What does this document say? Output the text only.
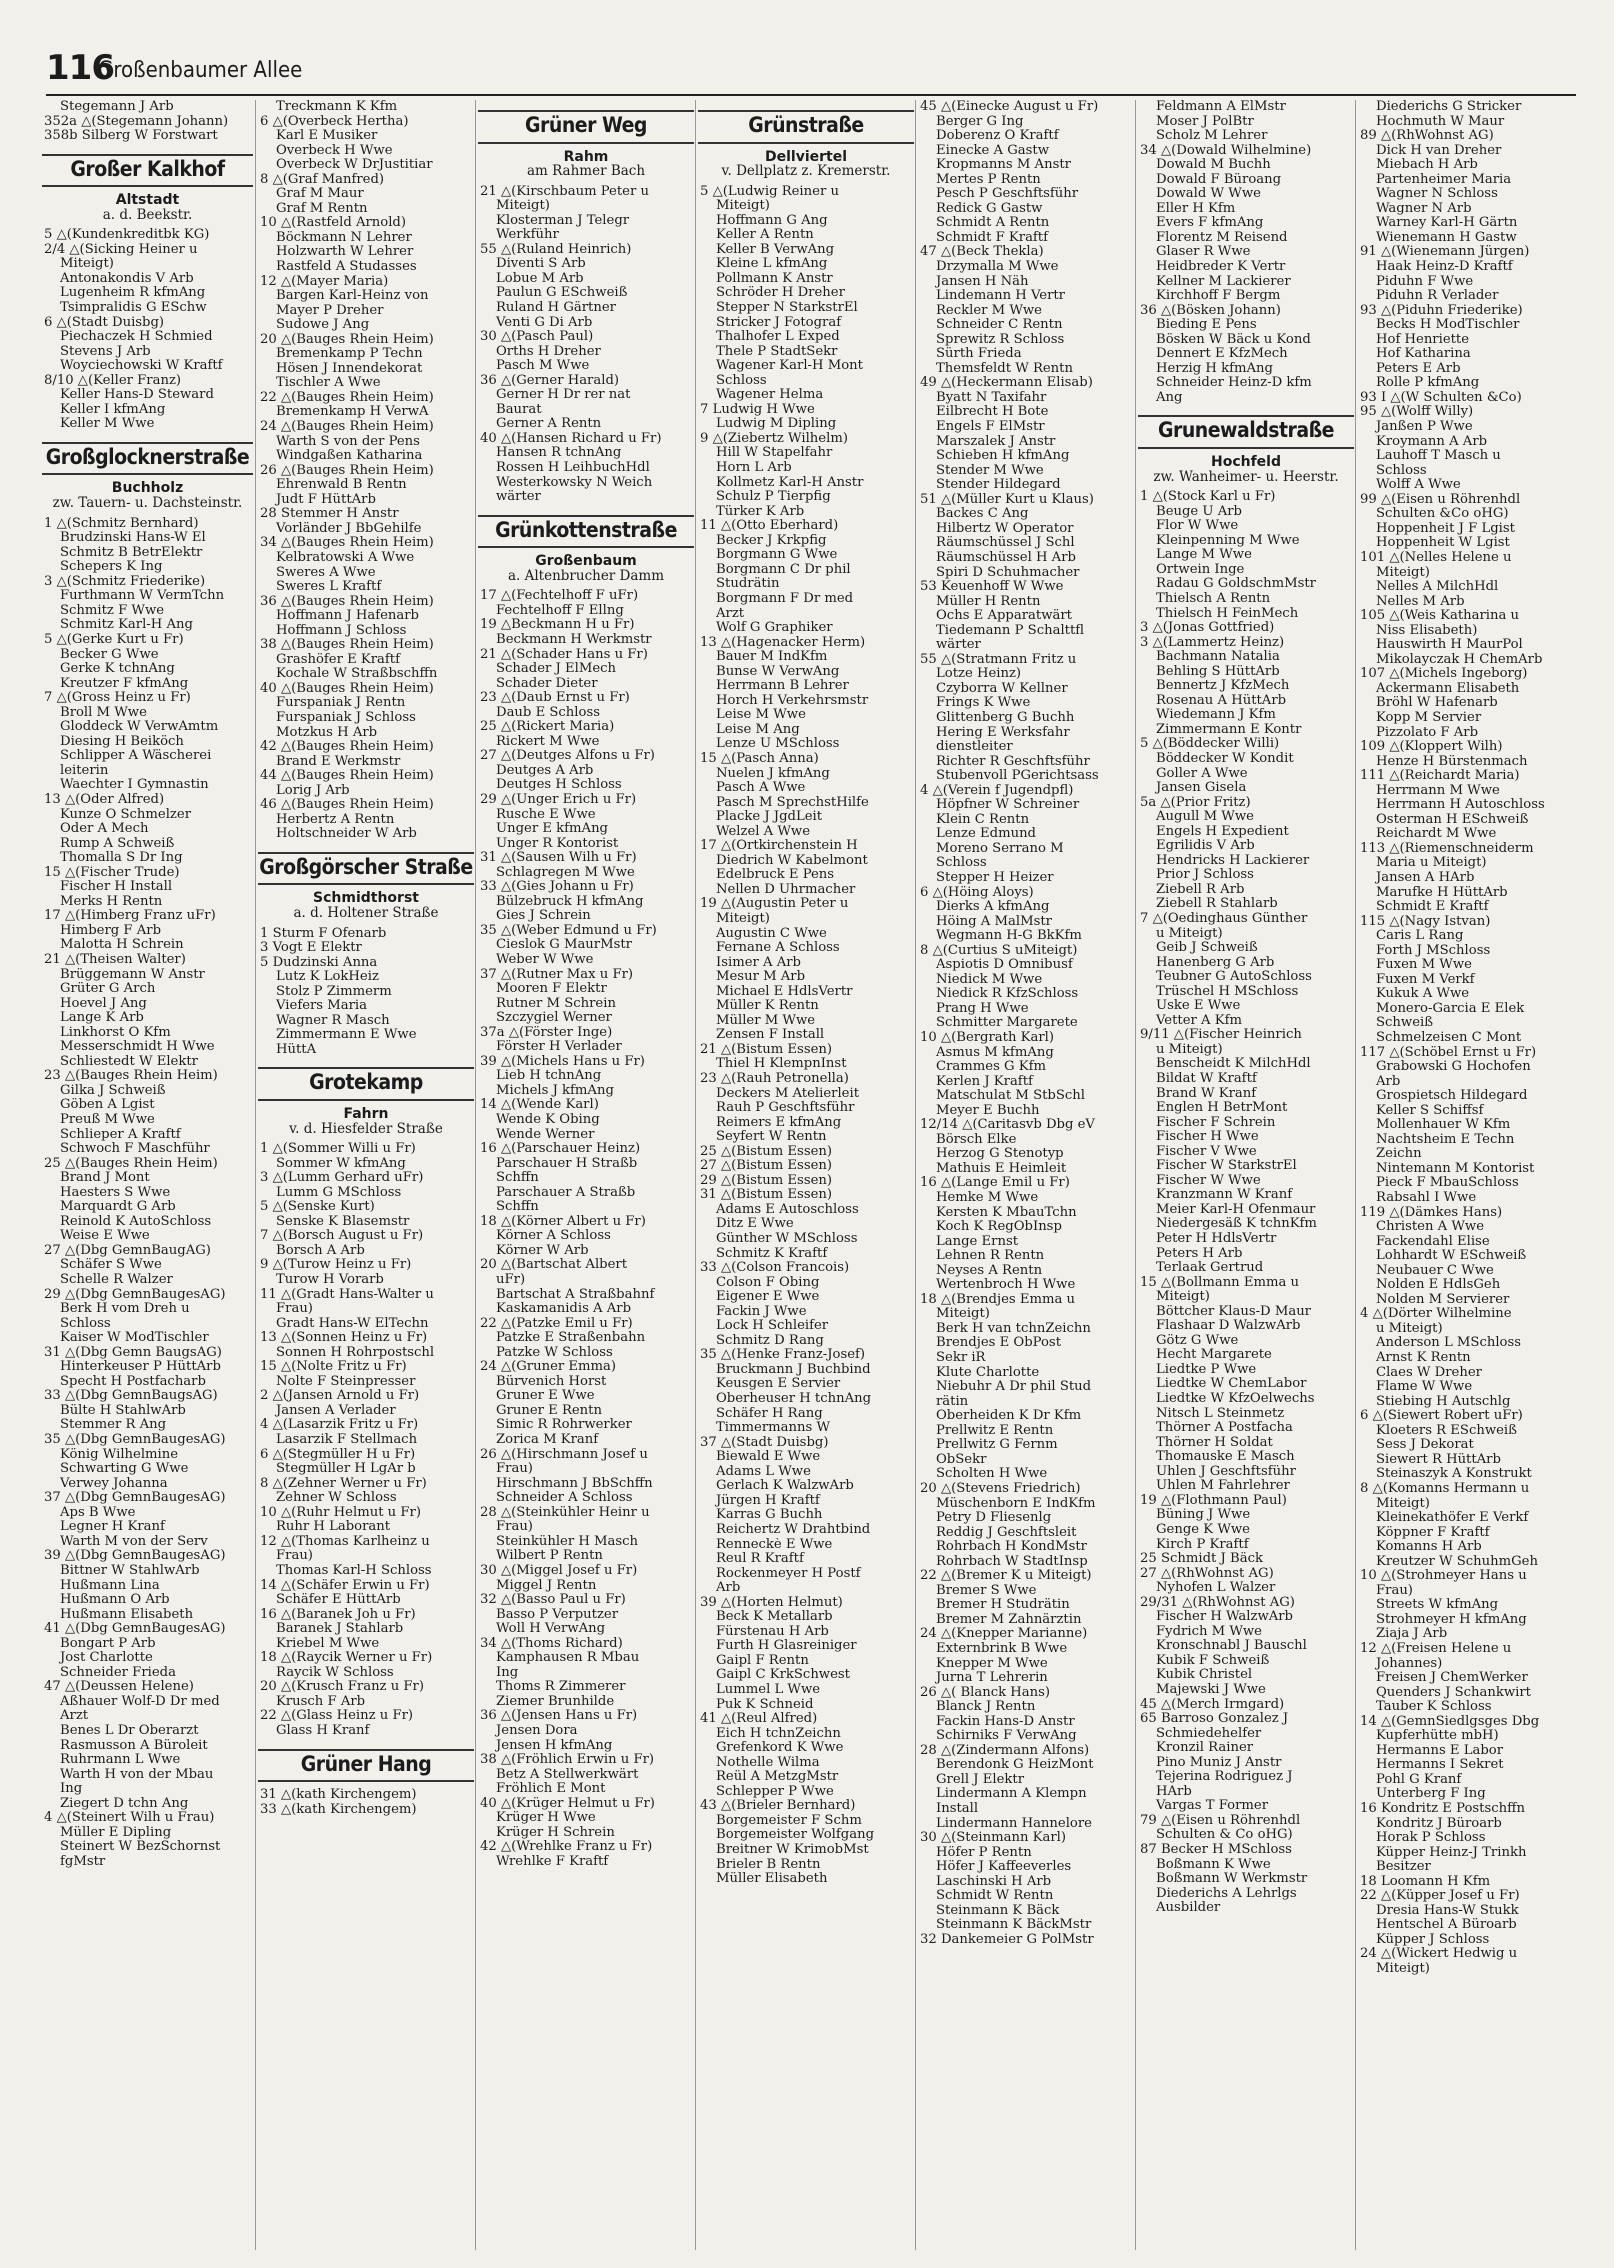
116
Großenbaumer Allee
Stegemann J Arb
352a △(Stegemann Johann)
358b Silberg W Forstwart
Großer Kalkhof
Altstadt
a. d. Beekstr.
5 △(Kundenkreditbk KG)
2/4 △(Sicking Heiner u
Miteigt)
Antonakondis V Arb
Lugenheim R kfmAng
Tsimpralidis G ESchw
6 △(Stadt Duisbg)
Piechaczek H Schmied
Stevens J Arb
Woyciechowski W Kraftf
8/10 △(Keller Franz)
Keller Hans-D Steward
Keller I kfmAng
Keller M Wwe
Großglocknerstraße
Buchholz
zw. Tauern- u. Dachsteinstr.
1 △(Schmitz Bernhard)
Brudzinski Hans-W El
Schmitz B BetrElektr
Schepers K Ing
3 △(Schmitz Friederike)
Furthmann W VermTchn
Schmitz F Wwe
Schmitz Karl-H Ang
5 △(Gerke Kurt u Fr)
Becker G Wwe
Gerke K tchnAng
Kreutzer F kfmAng
7 △(Gross Heinz u Fr)
Broll M Wwe
Gloddeck W VerwAmtm
Diesing H Beiköch
Schlipper A Wäscherei
leiterin
Waechter I Gymnastin
13 △(Oder Alfred)
Kunze O Schmelzer
Oder A Mech
Rump A Schweiß
Thomalla S Dr Ing
15 △(Fischer Trude)
Fischer H Install
Merks H Rentn
17 △(Himberg Franz uFr)
Himberg F Arb
Malotta H Schrein
21 △(Theisen Walter)
Brüggemann W Anstr
Grüter G Arch
Hoevel J Ang
Lange K Arb
Linkhorst O Kfm
Messerschmidt H Wwe
Schliestedt W Elektr
23 △(Bauges Rhein Heim)
Gilka J Schweiß
Göben A Lgist
Preuß M Wwe
Schlieper A Kraftf
Schwoch F Maschführ
25 △(Bauges Rhein Heim)
Brand J Mont
Haesters S Wwe
Marquardt G Arb
Reinold K AutoSchloss
Weise E Wwe
27 △(Dbg GemnBaugAG)
Schäfer S Wwe
Schelle R Walzer
29 △(Dbg GemnBaugesAG)
Berk H vom Dreh u
Schloss
Kaiser W ModTischler
31 △(Dbg Gemn BaugsAG)
Hinterkeuser P HüttArb
Specht H Postfacharb
33 △(Dbg GemnBaugsAG)
Bülte H StahlwArb
Stemmer R Ang
35 △(Dbg GemnBaugesAG)
König Wilhelmine
Schwarting G Wwe
Verwey Johanna
37 △(Dbg GemnBaugesAG)
Aps B Wwe
Legner H Kranf
Warth M von der Serv
39 △(Dbg GemnBaugesAG)
Bittner W StahlwArb
Hußmann Lina
Hußmann O Arb
Hußmann Elisabeth
41 △(Dbg GemnBaugesAG)
Bongart P Arb
Jost Charlotte
Schneider Frieda
47 △(Deussen Helene)
Aßhauer Wolf-D Dr med
Arzt
Benes L Dr Oberarzt
Rasmusson A Büroleit
Ruhrmann L Wwe
Warth H von der Mbau
Ing
Ziegert D tchn Ang
4 △(Steinert Wilh u Frau)
Müller E Dipling
Steinert W BezSchornst
fgMstr
Treckmann K Kfm
6 △(Overbeck Hertha)
Karl E Musiker
Overbeck H Wwe
Overbeck W DrJustitiar
8 △(Graf Manfred)
Graf M Maur
Graf M Rentn
10 △(Rastfeld Arnold)
Böckmann N Lehrer
Holzwarth W Lehrer
Rastfeld A Studasses
12 △(Mayer Maria)
Bargen Karl-Heinz von
Mayer P Dreher
Sudowe J Ang
20 △(Bauges Rhein Heim)
Bremenkamp P Techn
Hösen J Innendekorat
Tischler A Wwe
22 △(Bauges Rhein Heim)
Bremenkamp H VerwA
24 △(Bauges Rhein Heim)
Warth S von der Pens
Windgaßen Katharina
26 △(Bauges Rhein Heim)
Ehrenwald B Rentn
Judt F HüttArb
28 Stemmer H Anstr
Vorländer J BbGehilfe
34 △(Bauges Rhein Heim)
Kelbratowski A Wwe
Sweres A Wwe
Sweres L Kraftf
36 △(Bauges Rhein Heim)
Hoffmann J Hafenarb
Hoffmann J Schloss
38 △(Bauges Rhein Heim)
Grashöfer E Kraftf
Kochale W Straßbschffn
40 △(Bauges Rhein Heim)
Furspaniak J Rentn
Furspaniak J Schloss
Motzkus H Arb
42 △(Bauges Rhein Heim)
Brand E Werkmstr
44 △(Bauges Rhein Heim)
Lorig J Arb
46 △(Bauges Rhein Heim)
Herbertz A Rentn
Holtschneider W Arb
Großgörscher Straße
Schmidthorst
a. d. Holtener Straße
1 Sturm F Ofenarb
3 Vogt E Elektr
5 Dudzinski Anna
Lutz K LokHeiz
Stolz P Zimmerm
Viefers Maria
Wagner R Masch
Zimmermann E Wwe
HüttA
Grotekamp
Fahrn
v. d. Hiesfelder Straße
1 △(Sommer Willi u Fr)
Sommer W kfmAng
3 △(Lumm Gerhard uFr)
Lumm G MSchloss
5 △(Senske Kurt)
Senske K Blasemstr
7 △(Borsch August u Fr)
Borsch A Arb
9 △(Turow Heinz u Fr)
Turow H Vorarb
11 △(Gradt Hans-Walter u
Frau)
Gradt Hans-W ElTechn
13 △(Sonnen Heinz u Fr)
Sonnen H Rohrpostschl
15 △(Nolte Fritz u Fr)
Nolte F Steinpresser
2 △(Jansen Arnold u Fr)
Jansen A Verlader
4 △(Lasarzik Fritz u Fr)
Lasarzik F Stellmach
6 △(Stegmüller H u Fr)
Stegmüller H LgAr b
8 △(Zehner Werner u Fr)
Zehner W Schloss
10 △(Ruhr Helmut u Fr)
Ruhr H Laborant
12 △(Thomas Karlheinz u
Frau)
Thomas Karl-H Schloss
14 △(Schäfer Erwin u Fr)
Schäfer E HüttArb
16 △(Baranek Joh u Fr)
Baranek J Stahlarb
Kriebel M Wwe
18 △(Raycik Werner u Fr)
Raycik W Schloss
20 △(Krusch Franz u Fr)
Krusch F Arb
22 △(Glass Heinz u Fr)
Glass H Kranf
Grüner Hang
31 △(kath Kirchengem)
33 △(kath Kirchengem)
Grüner Weg
Rahm
am Rahmer Bach
21 △(Kirschbaum Peter u
Miteigt)
Klosterman J Telegr
Werkführ
55 △(Ruland Heinrich)
Diventi S Arb
Lobue M Arb
Paulun G ESchweiß
Ruland H Gärtner
Venti G Di Arb
30 △(Pasch Paul)
Orths H Dreher
Pasch M Wwe
36 △(Gerner Harald)
Gerner H Dr rer nat
Baurat
Gerner A Rentn
40 △(Hansen Richard u Fr)
Hansen R tchnAng
Rossen H LeihbuchHdl
Westerkowsky N Weich
wärter
Grünkottenstraße
Großenbaum
a. Altenbrucher Damm
17 △(Fechtelhoff F uFr)
Fechtelhoff F Ellng
19 △Beckmann H u Fr)
Beckmann H Werkmstr
21 △(Schader Hans u Fr)
Schader J ElMech
Schader Dieter
23 △(Daub Ernst u Fr)
Daub E Schloss
25 △(Rickert Maria)
Rickert M Wwe
27 △(Deutges Alfons u Fr)
Deutges A Arb
Deutges H Schloss
29 △(Unger Erich u Fr)
Rusche E Wwe
Unger E kfmAng
Unger R Kontorist
31 △(Sausen Wilh u Fr)
Schlagregen M Wwe
33 △(Gies Johann u Fr)
Bülzebruck H kfmAng
Gies J Schrein
35 △(Weber Edmund u Fr)
Cieslok G MaurMstr
Weber W Wwe
37 △(Rutner Max u Fr)
Mooren F Elektr
Rutner M Schrein
Szczygiel Werner
37a △(Förster Inge)
Förster H Verlader
39 △(Michels Hans u Fr)
Lieb H tchnAng
Michels J kfmAng
14 △(Wende Karl)
Wende K Obing
Wende Werner
16 △(Parschauer Heinz)
Parschauer H Straßb
Schffn
Parschauer A Straßb
Schffn
18 △(Körner Albert u Fr)
Körner A Schloss
Körner W Arb
20 △(Bartschat Albert
uFr)
Bartschat A Straßbahnf
Kaskamanidis A Arb
22 △(Patzke Emil u Fr)
Patzke E Straßenbahn
Patzke W Schloss
24 △(Gruner Emma)
Bürvenich Horst
Gruner E Wwe
Gruner E Rentn
Simic R Rohrwerker
Zorica M Kranf
26 △(Hirschmann Josef u
Frau)
Hirschmann J BbSchffn
Schneider A Schloss
28 △(Steinkühler Heinr u
Frau)
Steinkühler H Masch
Wilbert P Rentn
30 △(Miggel Josef u Fr)
Miggel J Rentn
32 △(Basso Paul u Fr)
Basso P Verputzer
Woll H VerwAng
34 △(Thoms Richard)
Kamphausen R Mbau
Ing
Thoms R Zimmerer
Ziemer Brunhilde
36 △(Jensen Hans u Fr)
Jensen Dora
Jensen H kfmAng
38 △(Fröhlich Erwin u Fr)
Betz A Stellwerkwärt
Fröhlich E Mont
40 △(Krüger Helmut u Fr)
Krüger H Wwe
Krüger H Schrein
42 △(Wrehlke Franz u Fr)
Wrehlke F Kraftf
Grünstraße
Dellviertel
v. Dellplatz z. Kremerstr.
5 △(Ludwig Reiner u
Miteigt)
Hoffmann G Ang
Keller A Rentn
Keller B VerwAng
Kleine L kfmAng
Pollmann K Anstr
Schröder H Dreher
Stepper N StarkstrEl
Stricker J Fotograf
Thalhofer L Exped
Thele P StadtSekr
Wagener Karl-H Mont
Schloss
Wagener Helma
7 Ludwig H Wwe
Ludwig M Dipling
9 △(Ziebertz Wilhelm)
Hill W Stapelfahr
Horn L Arb
Kollmetz Karl-H Anstr
Schulz P Tierpfig
Türker K Arb
11 △(Otto Eberhard)
Becker J Krkpfig
Borgmann G Wwe
Borgmann C Dr phil
Studrätin
Borgmann F Dr med
Arzt
Wolf G Graphiker
13 △(Hagenacker Herm)
Bauer M IndKfm
Bunse W VerwAng
Herrmann B Lehrer
Horch H Verkehrsmstr
Leise M Wwe
Leise M Ang
Lenze U MSchloss
15 △(Pasch Anna)
Nuelen J kfmAng
Pasch A Wwe
Pasch M SprechstHilfe
Placke J JgdLeit
Welzel A Wwe
17 △(Ortkirchenstein H
Diedrich W Kabelmont
Edelbruck E Pens
Nellen D Uhrmacher
19 △(Augustin Peter u
Miteigt)
Augustin C Wwe
Fernane A Schloss
Isimer A Arb
Mesur M Arb
Michael E HdlsVertr
Müller K Rentn
Müller M Wwe
Zensen F Install
21 △(Bistum Essen)
Thiel H KlempnInst
23 △(Rauh Petronella)
Deckers M Atelierleit
Rauh P Geschftsführ
Reimers E kfmAng
Seyfert W Rentn
25 △(Bistum Essen)
27 △(Bistum Essen)
29 △(Bistum Essen)
31 △(Bistum Essen)
Adams E Autoschloss
Ditz E Wwe
Günther W MSchloss
Schmitz K Kraftf
33 △(Colson Francois)
Colson F Obing
Eigener E Wwe
Fackin J Wwe
Lock H Schleifer
Schmitz D Rang
35 △(Henke Franz-Josef)
Bruckmann J Buchbind
Keusgen E Servier
Oberheuser H tchnAng
Schäfer H Rang
Timmermanns W
37 △(Stadt Duisbg)
Biewald E Wwe
Adams L Wwe
Gerlach K WalzwArb
Jürgen H Kraftf
Karras G Buchh
Reichertz W Drahtbind
Renneckè E Wwe
Reul R Kraftf
Rockenmeyer H Postf
Arb
39 △(Horten Helmut)
Beck K Metallarb
Fürstenau H Arb
Furth H Glasreiniger
Gaipl F Rentn
Gaipl C KrkSchwest
Lummel L Wwe
Puk K Schneid
41 △(Reul Alfred)
Eich H tchnZeichn
Grefenkord K Wwe
Nothelle Wilma
Reül A MetzgMstr
Schlepper P Wwe
43 △(Brieler Bernhard)
Borgemeister F Schm
Borgemeister Wolfgang
Breitner W KrimobMst
Brieler B Rentn
Müller Elisabeth
45 △(Einecke August u Fr)
Berger G Ing
Doberenz O Kraftf
Einecke A Gastw
Kropmanns M Anstr
Mertes P Rentn
Pesch P Geschftsführ
Redick G Gastw
Schmidt A Rentn
Schmidt F Kraftf
47 △(Beck Thekla)
Drzymalla M Wwe
Jansen H Näh
Lindemann H Vertr
Reckler M Wwe
Schneider C Rentn
Sprewitz R Schloss
Sürth Frieda
Themsfeldt W Rentn
49 △(Heckermann Elisab)
Byatt N Taxifahr
Eilbrecht H Bote
Engels F ElMstr
Marszalek J Anstr
Schieben H kfmAng
Stender M Wwe
Stender Hildegard
51 △(Müller Kurt u Klaus)
Backes C Ang
Hilbertz W Operator
Räumschüssel J Schl
Räumschüssel H Arb
Spiri D Schuhmacher
53 Keuenhoff W Wwe
Müller H Rentn
Ochs E Apparatwärt
Tiedemann P Schalttfl
wärter
55 △(Stratmann Fritz u
Lotze Heinz)
Czyborra W Kellner
Frings K Wwe
Glittenberg G Buchh
Hering E Werksfahr
dienstleiter
Richter R Geschftsführ
Stubenvoll PGerichtsass
4 △(Verein f Jugendpfl)
Höpfner W Schreiner
Klein C Rentn
Lenze Edmund
Moreno Serrano M
Schloss
Stepper H Heizer
6 △(Höing Aloys)
Dierks A kfmAng
Höing A MalMstr
Wegmann H-G BkKfm
8 △(Curtius S uMiteigt)
Aspiotis D Omnibusf
Niedick M Wwe
Niedick R KfzSchloss
Prang H Wwe
Schmitter Margarete
10 △(Bergrath Karl)
Asmus M kfmAng
Crammes G Kfm
Kerlen J Kraftf
Matschulat M StbSchl
Meyer E Buchh
12/14 △(Caritasvb Dbg eV
Börsch Elke
Herzog G Stenotyp
Mathuis E Heimleit
16 △(Lange Emil u Fr)
Hemke M Wwe
Kersten K MbauTchn
Koch K RegObInsp
Lange Ernst
Lehnen R Rentn
Neyses A Rentn
Wertenbroch H Wwe
18 △(Brendjes Emma u
Miteigt)
Berk H van tchnZeichn
Brendjes E ObPost
Sekr iR
Klute Charlotte
Niebuhr A Dr phil Stud
rätin
Oberheiden K Dr Kfm
Prellwitz E Rentn
Prellwitz G Fernm
ObSekr
Scholten H Wwe
20 △(Stevens Friedrich)
Müschenborn E IndKfm
Petry D Fliesenlg
Reddig J Geschftsleit
Rohrbach H KondMstr
Rohrbach W StadtInsp
22 △(Bremer K u Miteigt)
Bremer S Wwe
Bremer H Studrätin
Bremer M Zahnärztin
24 △(Knepper Marianne)
Externbrink B Wwe
Knepper M Wwe
Jurna T Lehrerin
26 △( Blanck Hans)
Blanck J Rentn
Fackin Hans-D Anstr
Schirniks F VerwAng
28 △(Zindermann Alfons)
Berendonk G HeizMont
Grell J Elektr
Lindermann A Klempn
Install
Lindermann Hannelore
30 △(Steinmann Karl)
Höfer P Rentn
Höfer J Kaffeeverles
Laschinski H Arb
Schmidt W Rentn
Steinmann K Bäck
Steinmann K BäckMstr
32 Dankemeier G PolMstr
Feldmann A ElMstr
Moser J PolBtr
Scholz M Lehrer
34 △(Dowald Wilhelmine)
Dowald M Buchh
Dowald F Büroang
Dowald W Wwe
Eller H Kfm
Evers F kfmAng
Florentz M Reisend
Glaser R Wwe
Heidbreder K Vertr
Kellner M Lackierer
Kirchhoff F Bergm
36 △(Bösken Johann)
Bieding E Pens
Bösken W Bäck u Kond
Dennert E KfzMech
Herzig H kfmAng
Schneider Heinz-D kfm
Ang
Grunewaldstraße
Hochfeld
zw. Wanheimer- u. Heerstr.
1 △(Stock Karl u Fr)
Beuge U Arb
Flor W Wwe
Kleinpenning M Wwe
Lange M Wwe
Ortwein Inge
Radau G GoldschmMstr
Thielsch A Rentn
Thielsch H FeinMech
3 △(Jonas Gottfried)
3 △(Lammertz Heinz)
Bachmann Natalia
Behling S HüttArb
Bennertz J KfzMech
Rosenau A HüttArb
Wiedemann J Kfm
Zimmermann E Kontr
5 △(Böddecker Willi)
Böddecker W Kondit
Goller A Wwe
Jansen Gisela
5a △(Prior Fritz)
Augull M Wwe
Engels H Expedient
Egrilidis V Arb
Hendricks H Lackierer
Prior J Schloss
Ziebell R Arb
Ziebell R Stahlarb
7 △(Oedinghaus Günther
u Miteigt)
Geib J Schweiß
Hanenberg G Arb
Teubner G AutoSchloss
Trüschel H MSchloss
Uske E Wwe
Vetter A Kfm
9/11 △(Fischer Heinrich
u Miteigt)
Benscheidt K MilchHdl
Bildat W Kraftf
Brand W Kranf
Englen H BetrMont
Fischer F Schrein
Fischer H Wwe
Fischer V Wwe
Fischer W StarkstrEl
Fischer W Wwe
Kranzmann W Kranf
Meier Karl-H Ofenmaur
Niedergesäß K tchnKfm
Peter H HdlsVertr
Peters H Arb
Terlaak Gertrud
15 △(Bollmann Emma u
Miteigt)
Böttcher Klaus-D Maur
Flashaar D WalzwArb
Götz G Wwe
Hecht Margarete
Liedtke P Wwe
Liedtke W ChemLabor
Liedtke W KfzOelwechs
Nitsch L Steinmetz
Thörner A Postfacha
Thörner H Soldat
Thomauske E Masch
Uhlen J Geschftsführ
Uhlen M Fahrlehrer
19 △(Flothmann Paul)
Büning J Wwe
Genge K Wwe
Kirch P Kraftf
25 Schmidt J Bäck
27 △(RhWohnst AG)
Nyhofen L Walzer
29/31 △(RhWohnst AG)
Fischer H WalzwArb
Fydrich M Wwe
Kronschnabl J Bauschl
Kubik F Schweiß
Kubik Christel
Majewski J Wwe
45 △(Merch Irmgard)
65 Barroso Gonzalez J
Schmiedehelfer
Kronzil Rainer
Pino Muniz J Anstr
Tejerina Rodriguez J
HArb
Vargas T Former
79 △(Eisen u Röhrenhdl
Schulten & Co oHG)
87 Becker H MSchloss
Boßmann K Wwe
Boßmann W Werkmstr
Diederichs A Lehrlgs
Ausbilder
Diederichs G Stricker
Hochmuth W Maur
89 △(RhWohnst AG)
Dick H van Dreher
Miebach H Arb
Partenheimer Maria
Wagner N Schloss
Wagner N Arb
Warney Karl-H Gärtn
Wienemann H Gastw
91 △(Wienemann Jürgen)
Haak Heinz-D Kraftf
Piduhn F Wwe
Piduhn R Verlader
93 △(Piduhn Friederike)
Becks H ModTischler
Hof Henriette
Hof Katharina
Peters E Arb
Rolle P kfmAng
93 I △(W Schulten &Co)
95 △(Wolff Willy)
Janßen P Wwe
Kroymann A Arb
Lauhoff T Masch u
Schloss
Wolff A Wwe
99 △(Eisen u Röhrenhdl
Schulten &Co oHG)
Hoppenheit J F Lgist
Hoppenheit W Lgist
101 △(Nelles Helene u
Miteigt)
Nelles A MilchHdl
Nelles M Arb
105 △(Weis Katharina u
Niss Elisabeth)
Hauswirth H MaurPol
Mikolayczak H ChemArb
107 △(Michels Ingeborg)
Ackermann Elisabeth
Bröhl W Hafenarb
Kopp M Servier
Pizzolato F Arb
109 △(Kloppert Wilh)
Henze H Bürstenmach
111 △(Reichardt Maria)
Herrmann M Wwe
Herrmann H Autoschloss
Osterman H ESchweiß
Reichardt M Wwe
113 △(Riemenschneiderm
Maria u Miteigt)
Jansen A HArb
Marufke H HüttArb
Schmidt E Kraftf
115 △(Nagy Istvan)
Caris L Rang
Forth J MSchloss
Fuxen M Wwe
Fuxen M Verkf
Kukuk A Wwe
Monero-Garcia E Elek
Schweiß
Schmelzeisen C Mont
117 △(Schöbel Ernst u Fr)
Grabowski G Hochofen
Arb
Grospietsch Hildegard
Keller S Schiffsf
Mollenhauer W Kfm
Nachtsheim E Techn
Zeichn
Nintemann M Kontorist
Pieck F MbauSchloss
Rabsahl I Wwe
119 △(Dämkes Hans)
Christen A Wwe
Fackendahl Elise
Lohhardt W ESchweiß
Neubauer C Wwe
Nolden E HdlsGeh
Nolden M Servierer
4 △(Dörter Wilhelmine
u Miteigt)
Anderson L MSchloss
Arnst K Rentn
Claes W Dreher
Flame W Wwe
Stiebing H Autschlg
6 △(Siewert Robert uFr)
Kloeters R ESchweiß
Sess J Dekorat
Siewert R HüttArb
Steinaszyk A Konstrukt
8 △(Komanns Hermann u
Miteigt)
Kleinekathöfer E Verkf
Köppner F Kraftf
Komanns H Arb
Kreutzer W SchuhmGeh
10 △(Strohmeyer Hans u
Frau)
Streets W kfmAng
Strohmeyer H kfmAng
Ziaja J Arb
12 △(Freisen Helene u
Johannes)
Freisen J ChemWerker
Quenders J Schankwirt
Tauber K Schloss
14 △(GemnSiedlgsges Dbg
Kupferhütte mbH)
Hermanns E Labor
Hermanns I Sekret
Pohl G Kranf
Unterberg F Ing
16 Kondritz E Postschffn
Kondritz J Büroarb
Horak P Schloss
Küpper Heinz-J Trinkh
Besitzer
18 Loomann H Kfm
22 △(Küpper Josef u Fr)
Dresia Hans-W Stukk
Hentschel A Büroarb
Küpper J Schloss
24 △(Wickert Hedwig u
Miteigt)
